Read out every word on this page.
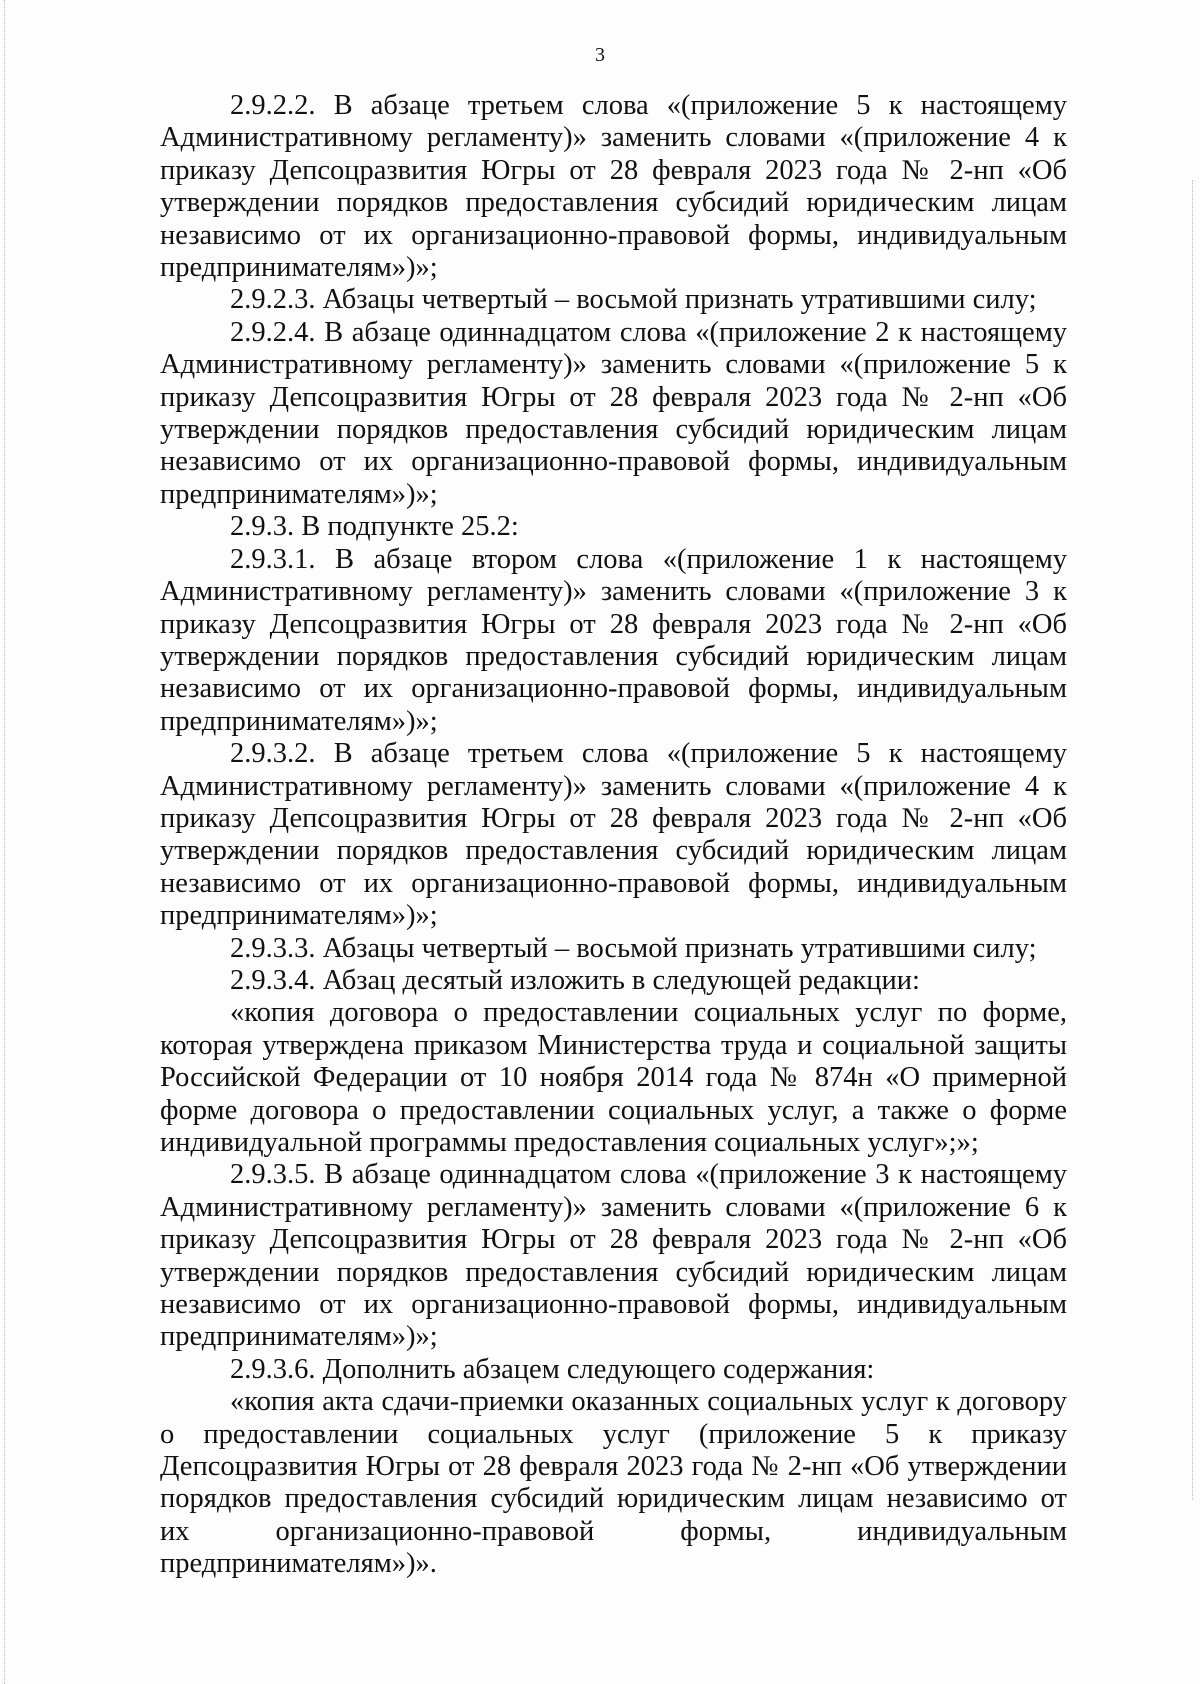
3

2.9.2.2. В абзаце третьем слова «(приложение 5 к настоящему Административному регламенту)» заменить словами «(приложение 4 к приказу Депсоцразвития Югры от 28 февраля 2023 года № 2-нп «Об утверждении порядков предоставления субсидий юридическим лицам независимо от их организационно-правовой формы, индивидуальным предпринимателям»)»;

2.9.2.3. Абзацы четвертый – восьмой признать утратившими силу;

2.9.2.4. В абзаце одиннадцатом слова «(приложение 2 к настоящему Административному регламенту)» заменить словами «(приложение 5 к приказу Депсоцразвития Югры от 28 февраля 2023 года № 2-нп «Об утверждении порядков предоставления субсидий юридическим лицам независимо от их организационно-правовой формы, индивидуальным предпринимателям»)»;

2.9.3. В подпункте 25.2:

2.9.3.1. В абзаце втором слова «(приложение 1 к настоящему Административному регламенту)» заменить словами «(приложение 3 к приказу Депсоцразвития Югры от 28 февраля 2023 года № 2-нп «Об утверждении порядков предоставления субсидий юридическим лицам независимо от их организационно-правовой формы, индивидуальным предпринимателям»)»;

2.9.3.2. В абзаце третьем слова «(приложение 5 к настоящему Административному регламенту)» заменить словами «(приложение 4 к приказу Депсоцразвития Югры от 28 февраля 2023 года № 2-нп «Об утверждении порядков предоставления субсидий юридическим лицам независимо от их организационно-правовой формы, индивидуальным предпринимателям»)»;

2.9.3.3. Абзацы четвертый – восьмой признать утратившими силу;

2.9.3.4. Абзац десятый изложить в следующей редакции:

«копия договора о предоставлении социальных услуг по форме, которая утверждена приказом Министерства труда и социальной защиты Российской Федерации от 10 ноября 2014 года № 874н «О примерной форме договора о предоставлении социальных услуг, а также о форме индивидуальной программы предоставления социальных услуг»;»;

2.9.3.5. В абзаце одиннадцатом слова «(приложение 3 к настоящему Административному регламенту)» заменить словами «(приложение 6 к приказу Депсоцразвития Югры от 28 февраля 2023 года № 2-нп «Об утверждении порядков предоставления субсидий юридическим лицам независимо от их организационно-правовой формы, индивидуальным предпринимателям»)»;

2.9.3.6. Дополнить абзацем следующего содержания:

«копия акта сдачи-приемки оказанных социальных услуг к договору о предоставлении социальных услуг (приложение 5 к приказу Депсоцразвития Югры от 28 февраля 2023 года № 2-нп «Об утверждении порядков предоставления субсидий юридическим лицам независимо от их организационно-правовой формы, индивидуальным предпринимателям»)».
